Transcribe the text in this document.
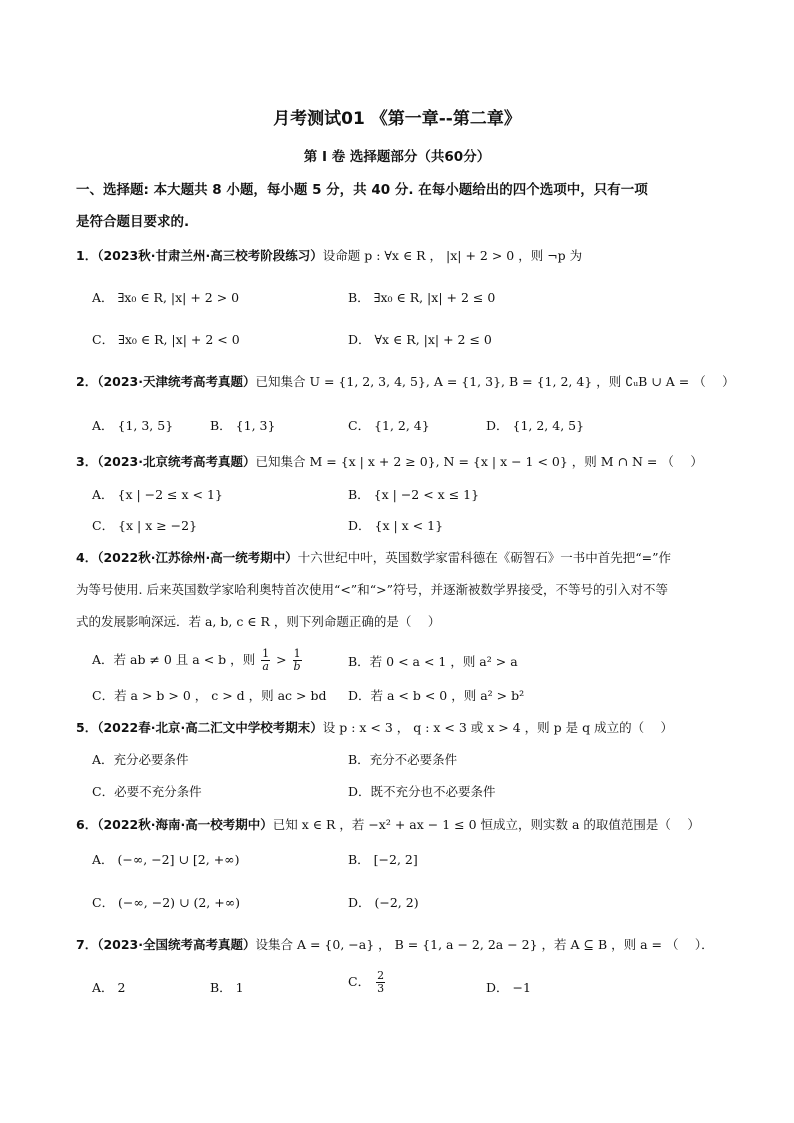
月考测试01 《第一章--第二章》
第 I 卷 选择题部分（共60分）
一、选择题: 本大题共 8 小题，每小题 5 分，共 40 分. 在每小题给出的四个选项中，只有一项
是符合题目要求的.
1．（2023秋·甘肃兰州·高三校考阶段练习）设命题 p : ∀x ∈ R ， |x| + 2 > 0 ，则 ¬p 为
A． ∃x₀ ∈ R, |x| + 2 > 0	B． ∃x₀ ∈ R, |x| + 2 ≤ 0
C． ∃x₀ ∈ R, |x| + 2 < 0	D． ∀x ∈ R, |x| + 2 ≤ 0
2．（2023·天津统考高考真题）已知集合 U = {1, 2, 3, 4, 5}, A = {1, 3}, B = {1, 2, 4} ，则 ∁ᵤB ∪ A = （　 ）
A． {1, 3, 5}	B． {1, 3}	C． {1, 2, 4}	D． {1, 2, 4, 5}
3．（2023·北京统考高考真题）已知集合 M = {x | x + 2 ≥ 0}, N = {x | x − 1 < 0} ，则 M ∩ N = （　 ）
A． {x | −2 ≤ x < 1}	B． {x | −2 < x ≤ 1}
C． {x | x ≥ −2}	D． {x | x < 1}
4．（2022秋·江苏徐州·高一统考期中）十六世纪中叶，英国数学家雷科德在《砺智石》一书中首先把“=”作
为等号使用. 后来英国数学家哈利奥特首次使用“<”和“>”符号，并逐渐被数学界接受，不等号的引入对不等
式的发展影响深远．若 a, b, c ∈ R ，则下列命题正确的是（　 ）
A．若 ab ≠ 0 且 a < b ，则 $\frac{1}{a} > \frac{1}{b}$	B．若 0 < a < 1 ，则 a² > a
C．若 a > b > 0 ， c > d ，则 ac > bd D．若 a < b < 0 ，则 a² > b²
5．（2022春·北京·高二汇文中学校考期末）设 p : x < 3 ， q : x < 3 或 x > 4 ，则 p 是 q 成立的（　 ）
A．充分必要条件	B．充分不必要条件
C．必要不充分条件	D．既不充分也不必要条件
6．（2022秋·海南·高一校考期中）已知 x ∈ R ，若 −x² + ax − 1 ≤ 0 恒成立，则实数 a 的取值范围是（　 ）
A． (−∞, −2] ∪ [2, +∞)	B． [−2, 2]
C． (−∞, −2) ∪ (2, +∞)	D． (−2, 2)
7．（2023·全国统考高考真题）设集合 A = {0, −a} ， B = {1, a − 2, 2a − 2} ，若 A ⊆ B ，则 a = （　 ）．
A． 2	B． 1	C． $\frac{2}{3}$	D． −1
